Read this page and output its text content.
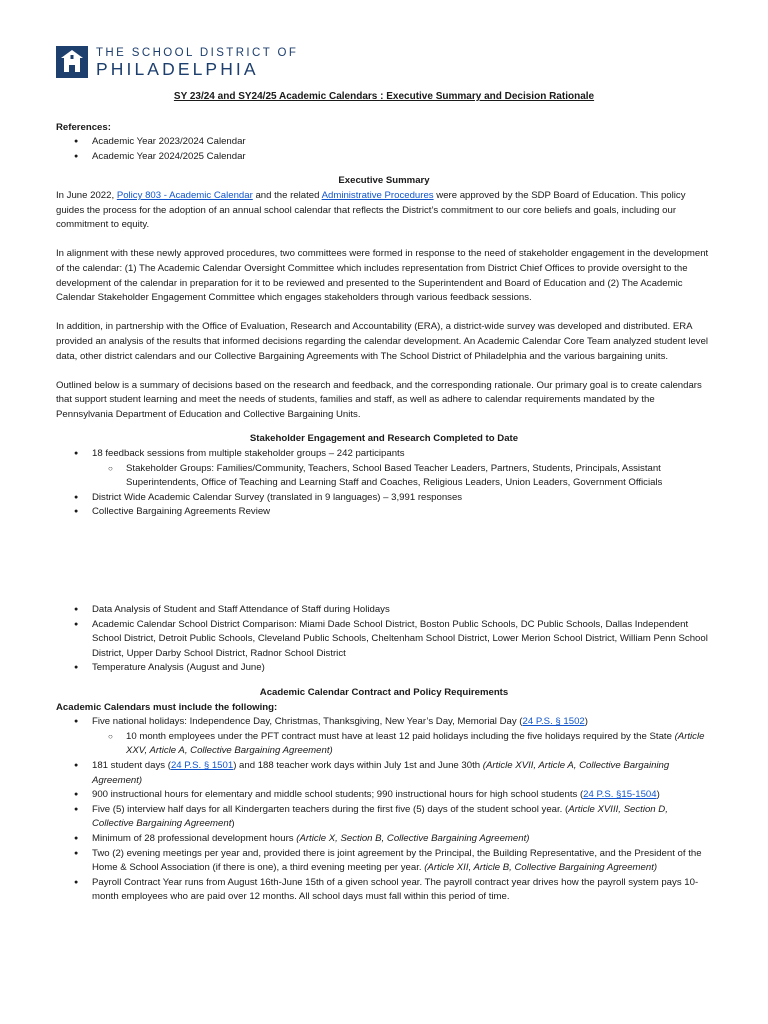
THE SCHOOL DISTRICT OF
PHILADELPHIA

SY 23/24 and SY24/25 Academic Calendars : Executive Summary and Decision Rationale

References:
● Academic Year 2023/2024 Calendar
● Academic Year 2024/2025 Calendar
Executive Summary

In June 2022, Policy 803 - Academic Calendar and the related Administrative Procedures were approved by the SDP Board of Education. This policy guides the process for the adoption of an annual school calendar that reflects the District’s commitment to our core beliefs and goals, including our commitment to equity.

In alignment with these newly approved procedures, two committees were formed in response to the need of stakeholder engagement in the development of the calendar: (1) The Academic Calendar Oversight Committee which includes representation from District Chief Offices to provide oversight to the development of the calendar in preparation for it to be reviewed and presented to the Superintendent and Board of Education and (2) The Academic Calendar Stakeholder Engagement Committee which engages stakeholders through various feedback sessions.

In addition, in partnership with the Office of Evaluation, Research and Accountability (ERA), a district-wide survey was developed and distributed. ERA provided an analysis of the results that informed decisions regarding the calendar development. An Academic Calendar Core Team analyzed student level data, other district calendars and our Collective Bargaining Agreements with The School District of Philadelphia and the various bargaining units.

Outlined below is a summary of decisions based on the research and feedback, and the corresponding rationale. Our primary goal is to create calendars that support student learning and meet the needs of students, families and staff, as well as adhere to calendar requirements mandated by the Pennsylvania Department of Education and Collective Bargaining Units.

Stakeholder Engagement and Research Completed to Date
● 18 feedback sessions from multiple stakeholder groups – 242 participants
○ Stakeholder Groups: Families/Community, Teachers, School Based Teacher Leaders, Partners, Students, Principals, Assistant Superintendents, Office of Teaching and Learning Staff and Coaches, Religious Leaders, Union Leaders, Government Officials
● District Wide Academic Calendar Survey (translated in 9 languages) – 3,991 responses
● Collective Bargaining Agreements Review
● Data Analysis of Student and Staff Attendance of Staff during Holidays
● Academic Calendar School District Comparison: Miami Dade School District, Boston Public Schools, DC Public Schools, Dallas Independent School District, Detroit Public Schools, Cleveland Public Schools, Cheltenham School District, Lower Merion School District, William Penn School District, Upper Darby School District, Radnor School District
● Temperature Analysis (August and June)
Academic Calendar Contract and Policy Requirements
Academic Calendars must include the following:
● Five national holidays: Independence Day, Christmas, Thanksgiving, New Year’s Day, Memorial Day (24 P.S. § 1502)
○ 10 month employees under the PFT contract must have at least 12 paid holidays including the five holidays required by the State (Article XXV, Article A, Collective Bargaining Agreement)
● 181 student days (24 P.S. § 1501) and 188 teacher work days within July 1st and June 30th (Article XVII, Article A, Collective Bargaining Agreement)
● 900 instructional hours for elementary and middle school students; 990 instructional hours for high school students (24 P.S. §15-1504)
● Five (5) interview half days for all Kindergarten teachers during the first five (5) days of the student school year. (Article XVIII, Section D, Collective Bargaining Agreement)
● Minimum of 28 professional development hours (Article X, Section B, Collective Bargaining Agreement)
● Two (2) evening meetings per year and, provided there is joint agreement by the Principal, the Building Representative, and the President of the Home & School Association (if there is one), a third evening meeting per year. (Article XII, Article B, Collective Bargaining Agreement)
● Payroll Contract Year runs from August 16th-June 15th of a given school year. The payroll contract year drives how the payroll system pays 10-month employees who are paid over 12 months. All school days must fall within this period of time.
